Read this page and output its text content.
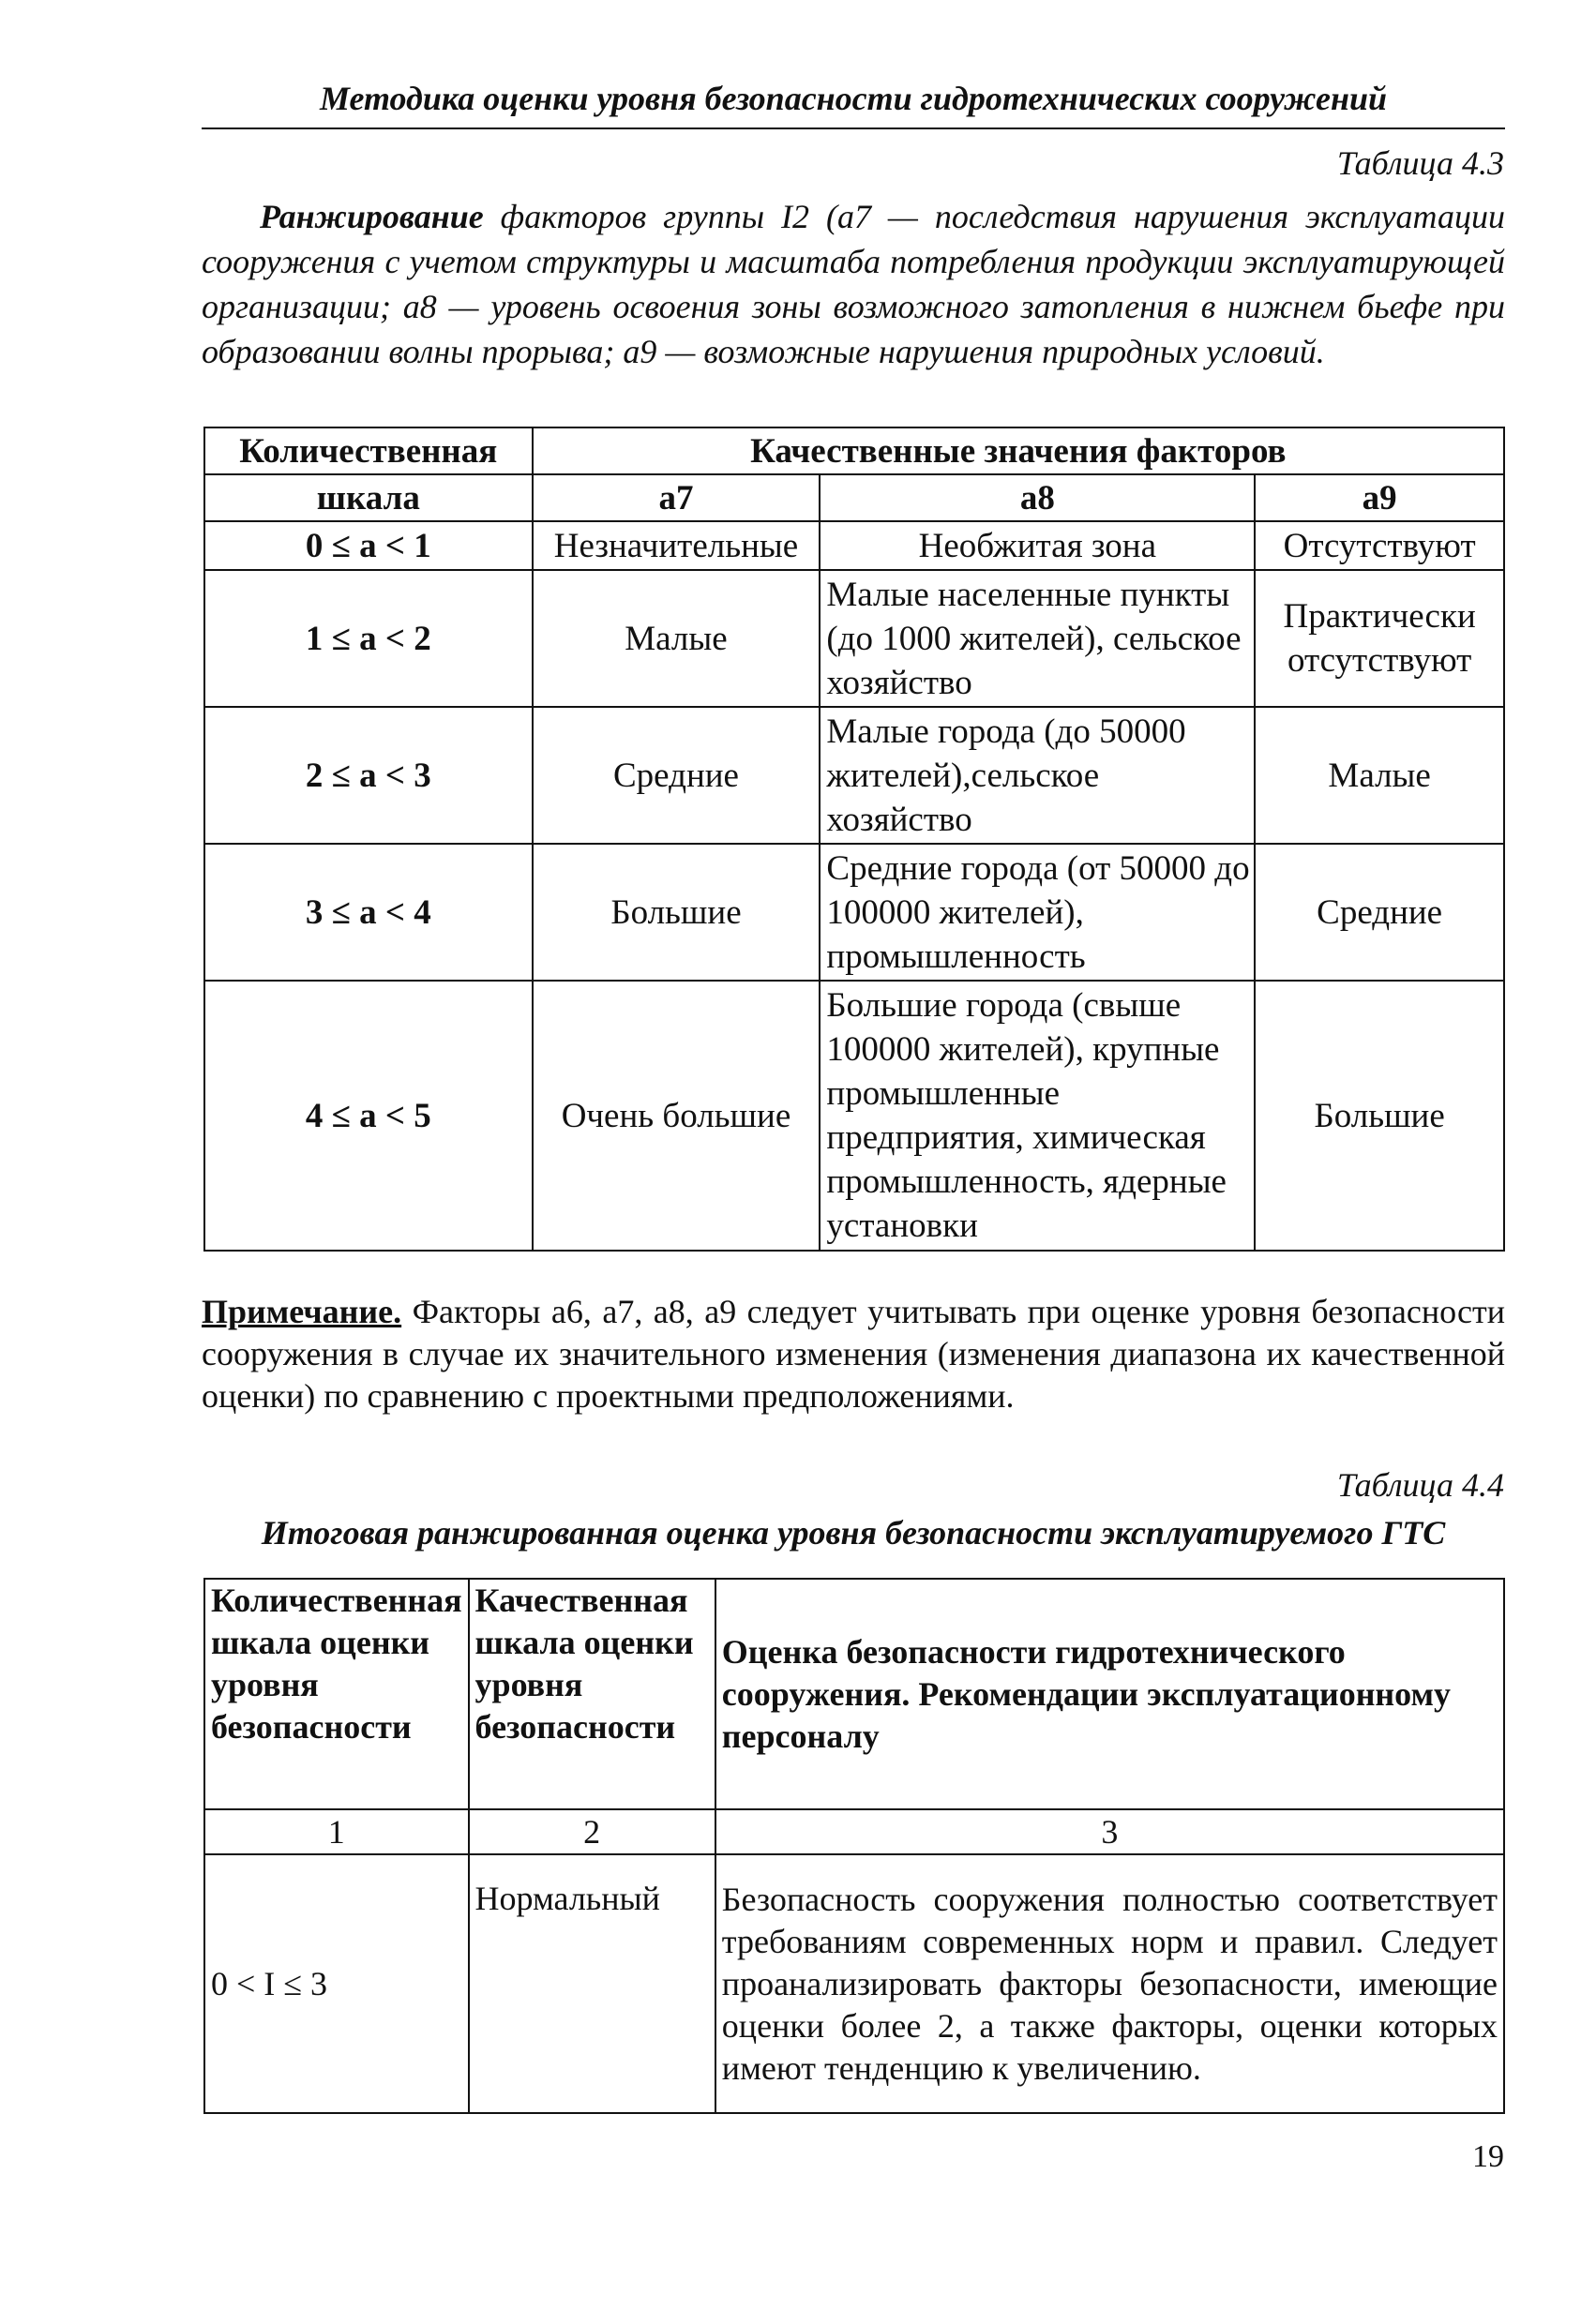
Методика оценки уровня безопасности гидротехнических сооружений
Таблица 4.3
Ранжирование факторов группы I2 (а7 — последствия нарушения эксплуатации сооружения с учетом структуры и масштаба потребления продукции эксплуатирующей организации; а8 — уровень освоения зоны возможного затопления в нижнем бьефе при образовании волны прорыва; а9 — возможные нарушения природных условий.
Количественная	Качественные значения факторов		
шкала	а7	а8	а9
0 ≤ a < 1	Незначительные	Необжитая зона	Отсутствуют
1 ≤ a < 2	Малые	Малые населенные пункты (до 1000 жителей), сельское хозяйство	Практически отсутствуют
2 ≤ a < 3	Средние	Малые города (до 50000 жителей),сельское хозяйство	Малые
3 ≤ a < 4	Большие	Средние города (от 50000 до 100000 жителей), промышленность	Средние
4 ≤ a < 5	Очень большие	Большие города (свыше 100000 жителей), крупные промышленные предприятия, химическая промышленность, ядерные установки	Большие
Примечание. Факторы а6, а7, а8, а9 следует учитывать при оценке уровня безопасности сооружения в случае их значительного изменения (изменения диапазона их качественной оценки) по сравнению с проектными предположениями.
Таблица 4.4
Итоговая ранжированная оценка уровня безопасности эксплуатируемого ГТС
Количественная шкала оценки уровня безопасности	Качественная шкала оценки уровня безопасности	Оценка безопасности гидротехнического сооружения. Рекомендации эксплуатационному персоналу
1	2	3
0 < I ≤ 3	Нормальный	Безопасность сооружения полностью соответствует требованиям современных норм и правил. Следует проанализировать факторы безопасности, имеющие оценки более 2, а также факторы, оценки которых имеют тенденцию к увеличению.
19
